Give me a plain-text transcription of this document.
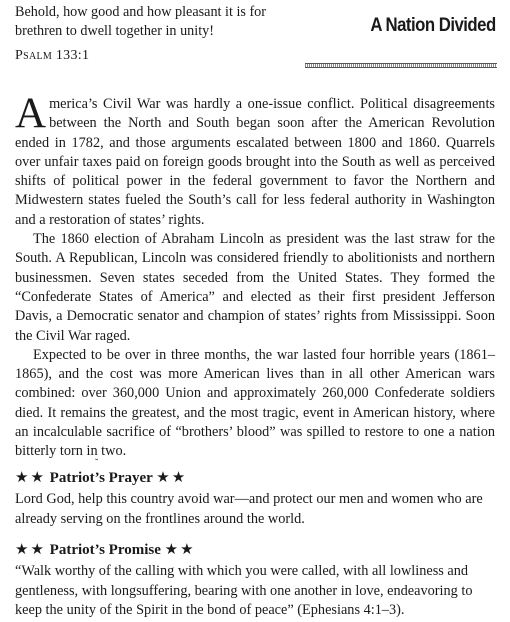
Behold, how good and how pleasant it is for
brethren to dwell together in unity!
Psalm 133:1
A Nation Divided

America’s Civil War was hardly a one-issue conflict. Political disagreements between the North and South began soon after the American Revolution ended in 1782, and those arguments escalated between 1800 and 1860. Quarrels over unfair taxes paid on foreign goods brought into the South as well as perceived shifts of political power in the federal government to favor the Northern and Midwestern states fueled the South’s call for less federal authority in Washington and a restoration of states’ rights.

The 1860 election of Abraham Lincoln as president was the last straw for the South. A Republican, Lincoln was considered friendly to abolitionists and northern businessmen. Seven states seceded from the United States. They formed the “Confederate States of America” and elected as their first president Jefferson Davis, a Democratic senator and champion of states’ rights from Mississippi. Soon the Civil War raged.

Expected to be over in three months, the war lasted four horrible years (1861–1865), and the cost was more American lives than in all other American wars combined: over 360,000 Union and approximately 260,000 Confederate soldiers died. It remains the greatest, and the most tragic, event in American history, where an incalculable sacrifice of “brothers’ blood” was spilled to restore to one a nation bitterly torn in two.

˘
★★ Patriot’s Prayer ★★
Lord God, help this country avoid war—and protect our men and women who are already serving on the frontlines around the world.
★★ Patriot’s Promise ★★
“Walk worthy of the calling with which you were called, with all lowliness and gentleness, with longsuffering, bearing with one another in love, endeavoring to keep the unity of the Spirit in the bond of peace” (Ephesians 4:1–3).
